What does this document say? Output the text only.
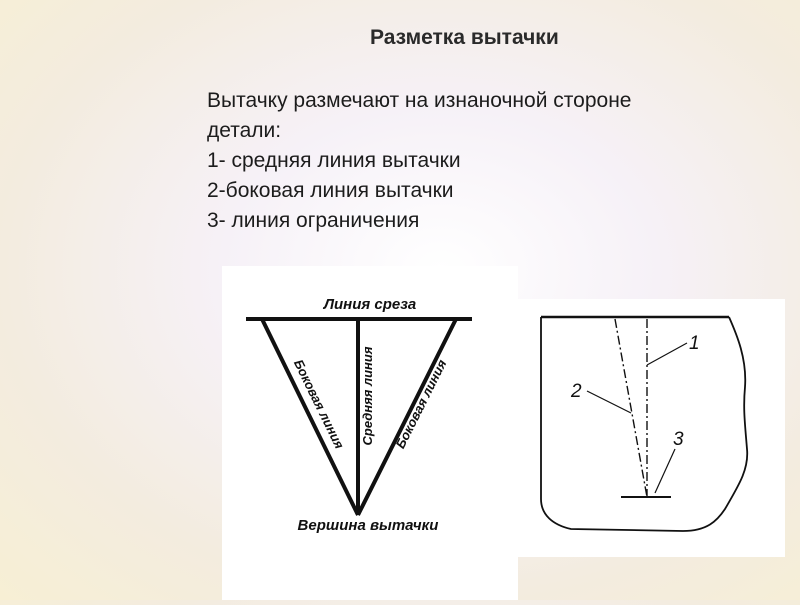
Разметка вытачки
Вытачку размечают на изнаночной стороне
детали:
1- средняя линия вытачки
2-боковая линия вытачки
3- линия ограничения
Линия среза
Боковая линия Средняя линия Боковая линия
Вершина вытачки
1
2
3
